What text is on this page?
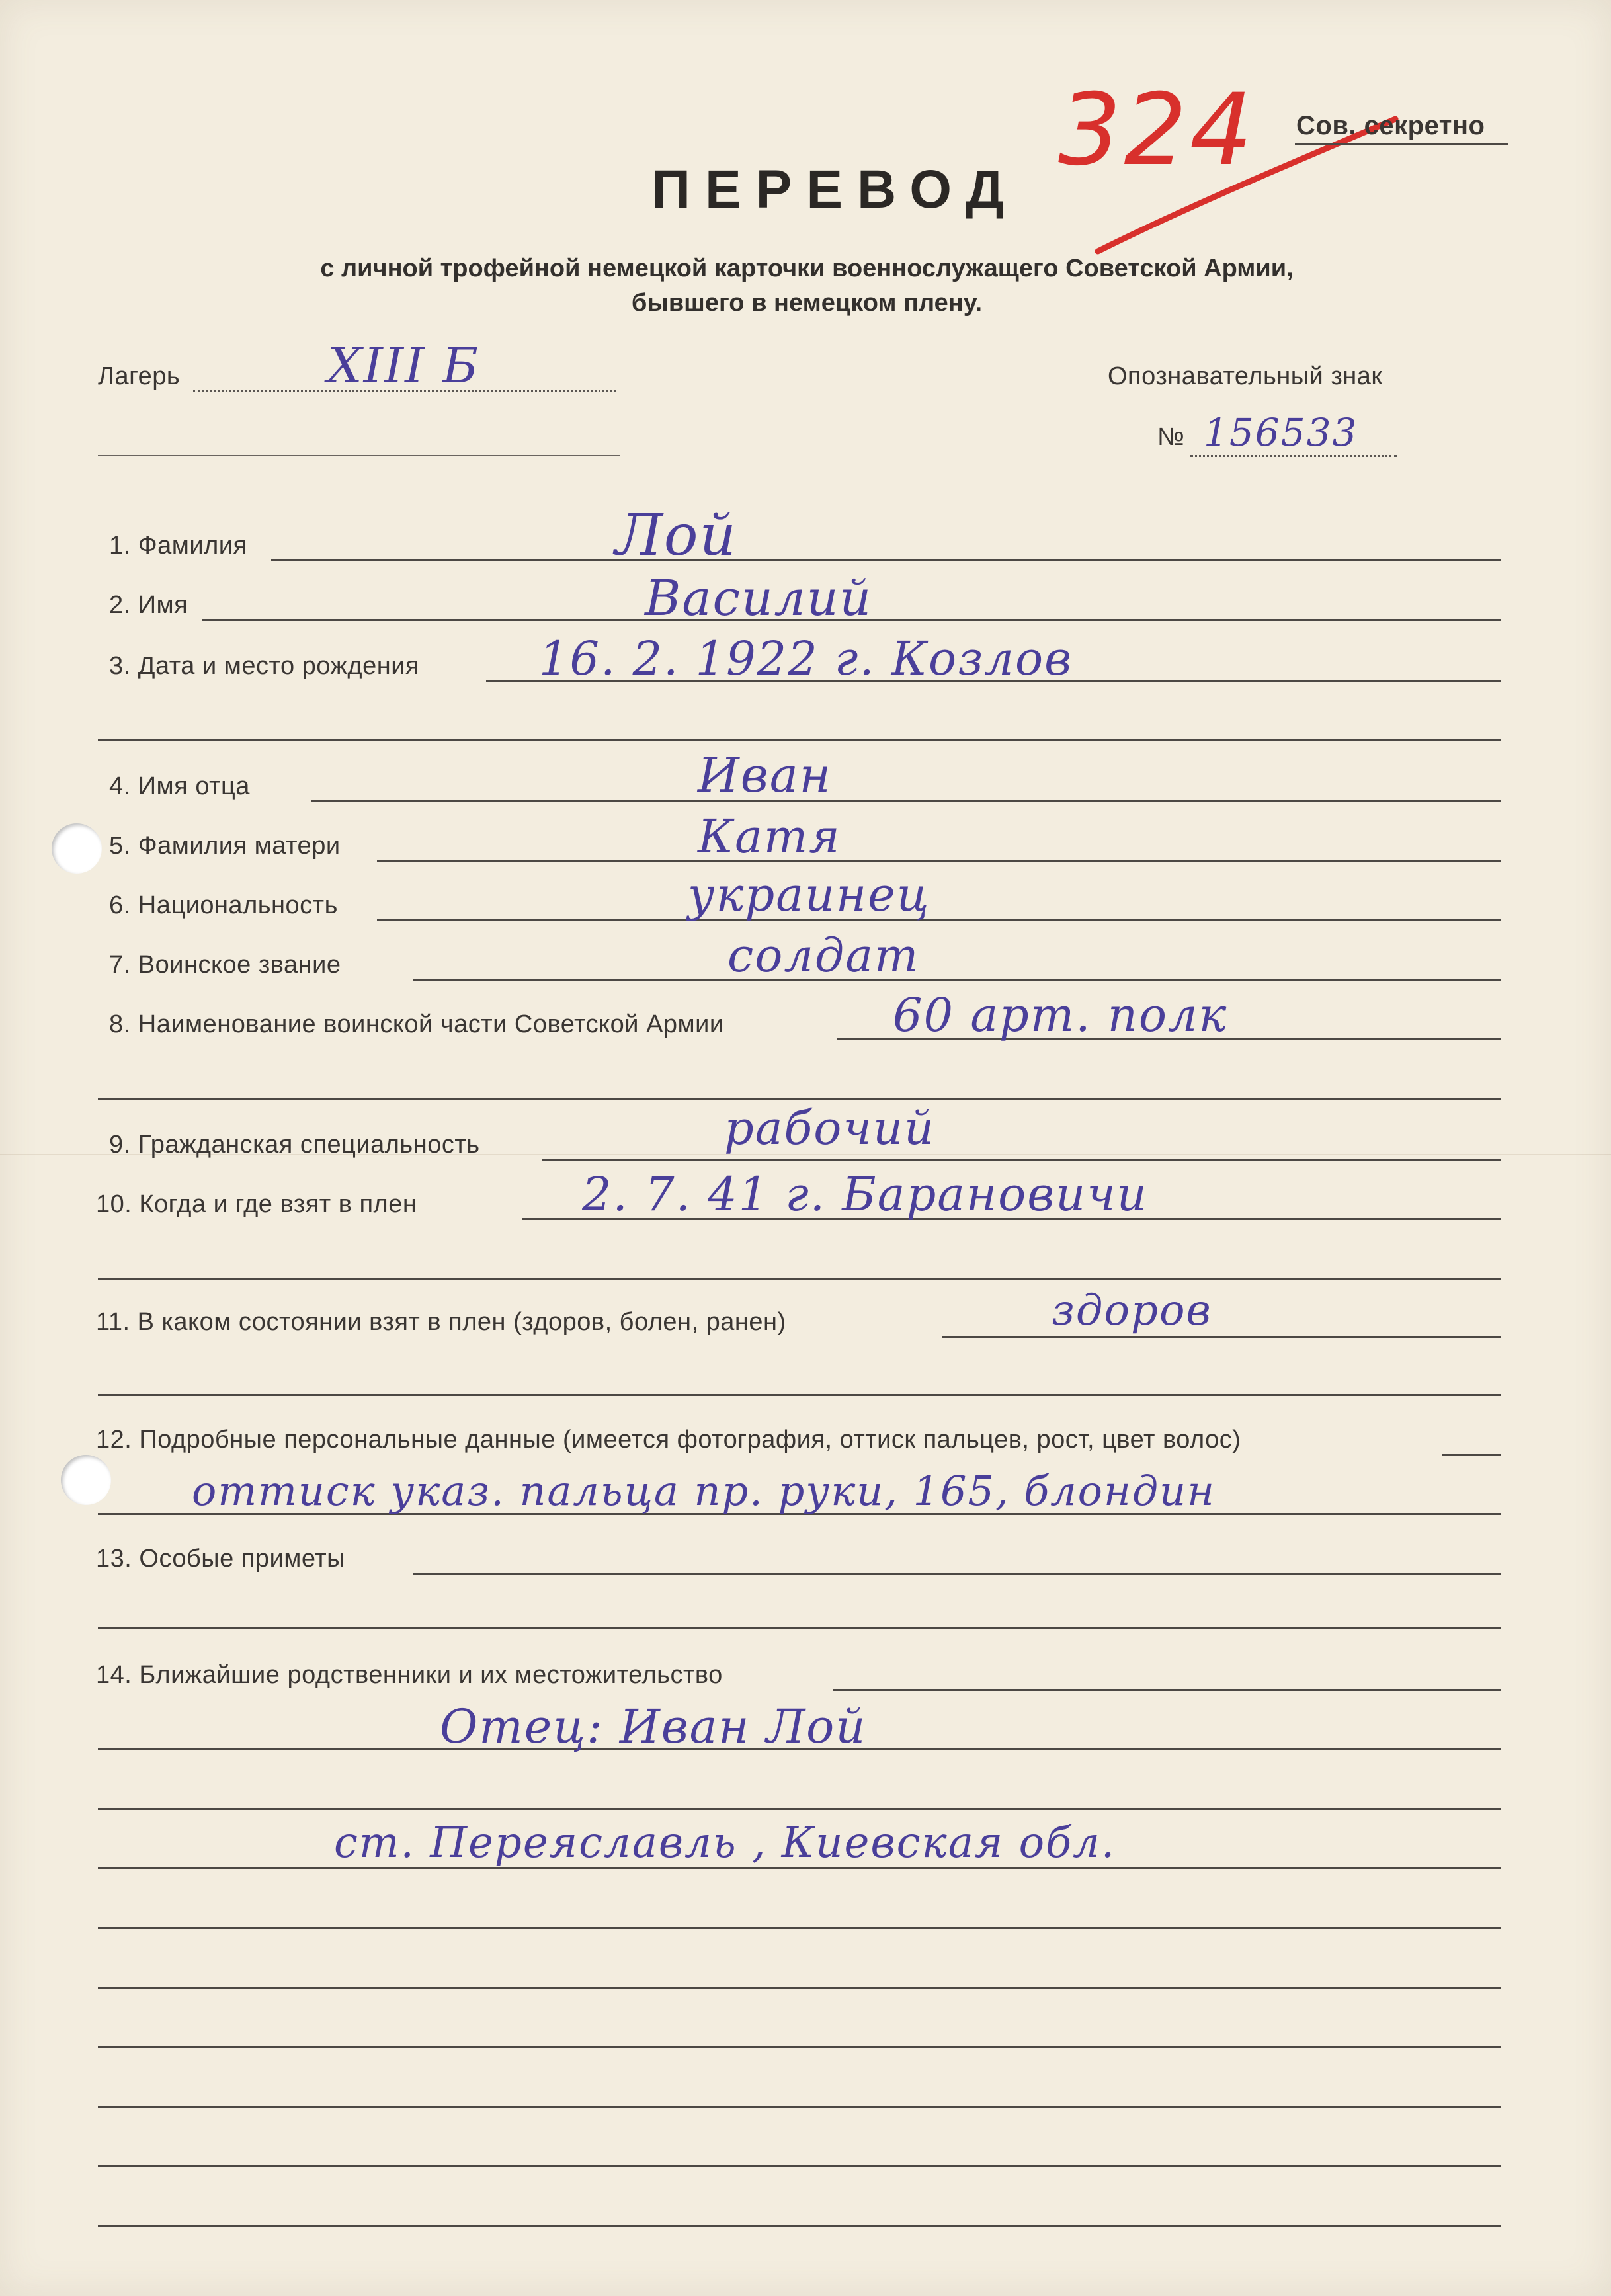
324 Сов. секретно
ПЕРЕВОД
с личной трофейной немецкой карточки военнослужащего Советской Армии,
бывшего в немецком плену.
Лагерь	XIII Б	Опознавательный знак
№ 156533
1. Фамилия	Лой
2. Имя	Василий
3. Дата и место рождения	16. 2. 1922 г. Козлов
4. Имя отца	Иван
5. Фамилия матери	Катя
6. Национальность	украинец
7. Воинское звание	солдат
8. Наименование воинской части Советской Армии	60 арт. полк
9. Гражданская специальность	рабочий
10. Когда и где взят в плен	2. 7. 41 г. Барановичи
11. В каком состоянии взят в плен (здоров, болен, ранен)	здоров
12. Подробные персональные данные (имеется фотография, оттиск пальцев, рост, цвет волос)
оттиск указ. пальца пр. руки, 165, блондин
13. Особые приметы
14. Ближайшие родственники и их местожительство
Отец: Иван Лой
ст. Переяславль , Киевская обл.
